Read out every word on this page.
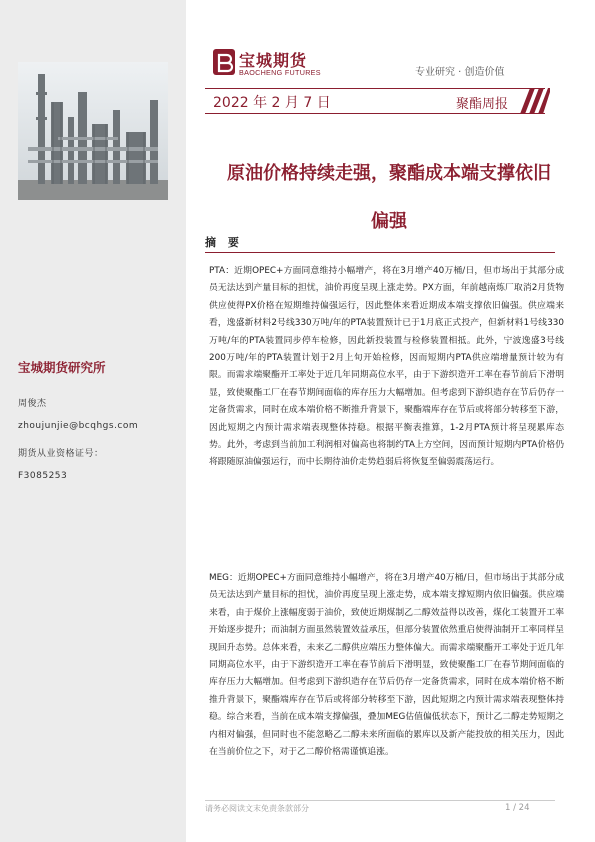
宝城期货研究所
周俊杰
zhoujunjie@bcqhgs.com
期货从业资格证号：
F3085253
宝城期货
BAOCHENG FUTURES	专业研究 · 创造价值
2022 年 2 月 7 日	聚酯周报
原油价格持续走强，聚酯成本端支撑依旧
偏强
摘 要

PTA：近期OPEC+方面同意维持小幅增产，将在3月增产40万桶/日，但市场出于其部分成员无法达到产量目标的担忧，油价再度呈现上涨走势。PX方面，年前越南炼厂取消2月货物供应使得PX价格在短期维持偏强运行，因此整体来看近期成本端支撑依旧偏强。供应端来看，逸盛新材料2号线330万吨/年的PTA装置预计已于1月底正式投产，但新材料1号线330万吨/年的PTA装置同步停车检修，因此新投装置与检修装置相抵。此外，宁波逸盛3号线200万吨/年的PTA装置计划于2月上旬开始检修，因而短期内PTA供应端增量预计较为有限。而需求端聚酯开工率处于近几年同期高位水平，由于下游织造开工率在春节前后下滑明显，致使聚酯工厂在春节期间面临的库存压力大幅增加。但考虑到下游织造存在节后仍存一定备货需求，同时在成本端价格不断推升背景下，聚酯端库存在节后或将部分转移至下游，因此短期之内预计需求端表现整体持稳。根据平衡表推算，1-2月PTA预计将呈现累库态势。此外，考虑到当前加工利润相对偏高也将制约TA上方空间，因而预计短期内PTA价格仍将跟随原油偏强运行，而中长期待油价走势趋弱后将恢复至偏弱震荡运行。

MEG：近期OPEC+方面同意维持小幅增产，将在3月增产40万桶/日，但市场出于其部分成员无法达到产量目标的担忧，油价再度呈现上涨走势，成本端支撑短期内依旧偏强。供应端来看，由于煤价上涨幅度弱于油价，致使近期煤制乙二醇效益得以改善，煤化工装置开工率开始逐步提升；而油制方面虽然装置效益承压，但部分装置依然重启使得油制开工率同样呈现回升态势。总体来看，未来乙二醇供应端压力整体偏大。而需求端聚酯开工率处于近几年同期高位水平，由于下游织造开工率在春节前后下滑明显，致使聚酯工厂在春节期间面临的库存压力大幅增加。但考虑到下游织造存在节后仍存一定备货需求，同时在成本端价格不断推升背景下，聚酯端库存在节后或将部分转移至下游，因此短期之内预计需求端表现整体持稳。综合来看，当前在成本端支撑偏强，叠加MEG估值偏低状态下，预计乙二醇走势短期之内相对偏强，但同时也不能忽略乙二醇未来所面临的累库以及新产能投放的相关压力，因此在当前价位之下，对于乙二醇价格需谨慎追涨。

请务必阅读文末免责条款部分	1 / 24
